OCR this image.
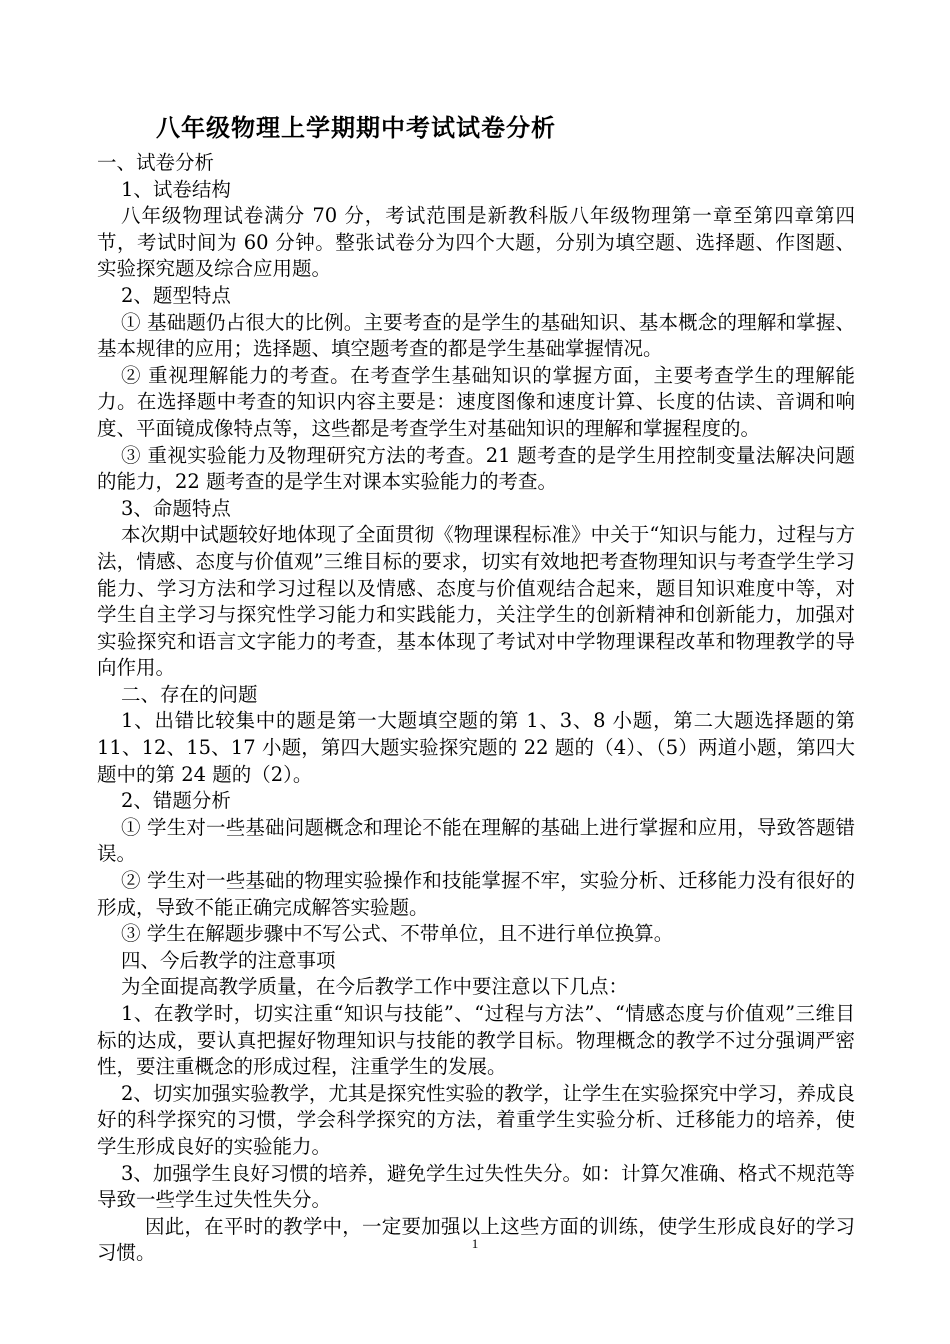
八年级物理上学期期中考试试卷分析

一、试卷分析

1、试卷结构

八年级物理试卷满分 70 分，考试范围是新教科版八年级物理第一章至第四章第四节，考试时间为 60 分钟。整张试卷分为四个大题，分别为填空题、选择题、作图题、实验探究题及综合应用题。

2、题型特点

① 基础题仍占很大的比例。主要考查的是学生的基础知识、基本概念的理解和掌握、基本规律的应用；选择题、填空题考查的都是学生基础掌握情况。

② 重视理解能力的考查。在考查学生基础知识的掌握方面，主要考查学生的理解能力。在选择题中考查的知识内容主要是：速度图像和速度计算、长度的估读、音调和响度、平面镜成像特点等，这些都是考查学生对基础知识的理解和掌握程度的。

③ 重视实验能力及物理研究方法的考查。21 题考查的是学生用控制变量法解决问题的能力，22 题考查的是学生对课本实验能力的考查。

3、命题特点

本次期中试题较好地体现了全面贯彻《物理课程标准》中关于“知识与能力，过程与方法，情感、态度与价值观”三维目标的要求，切实有效地把考查物理知识与考查学生学习能力、学习方法和学习过程以及情感、态度与价值观结合起来，题目知识难度中等，对学生自主学习与探究性学习能力和实践能力，关注学生的创新精神和创新能力，加强对实验探究和语言文字能力的考查，基本体现了考试对中学物理课程改革和物理教学的导向作用。

二、存在的问题

1、出错比较集中的题是第一大题填空题的第 1、3、8 小题，第二大题选择题的第 11、12、15、17 小题，第四大题实验探究题的 22 题的（4）、（5）两道小题，第四大题中的第 24 题的（2）。

2、错题分析

① 学生对一些基础问题概念和理论不能在理解的基础上进行掌握和应用，导致答题错误。

② 学生对一些基础的物理实验操作和技能掌握不牢，实验分析、迁移能力没有很好的形成，导致不能正确完成解答实验题。

③ 学生在解题步骤中不写公式、不带单位，且不进行单位换算。

四、今后教学的注意事项

为全面提高教学质量，在今后教学工作中要注意以下几点：

1、在教学时，切实注重“知识与技能”、“过程与方法”、“情感态度与价值观”三维目标的达成，要认真把握好物理知识与技能的教学目标。物理概念的教学不过分强调严密性，要注重概念的形成过程，注重学生的发展。

2、切实加强实验教学，尤其是探究性实验的教学，让学生在实验探究中学习，养成良好的科学探究的习惯，学会科学探究的方法，着重学生实验分析、迁移能力的培养，使学生形成良好的实验能力。

3、加强学生良好习惯的培养，避免学生过失性失分。如：计算欠准确、格式不规范等导致一些学生过失性失分。

因此，在平时的教学中，一定要加强以上这些方面的训练，使学生形成良好的学习习惯。	1
